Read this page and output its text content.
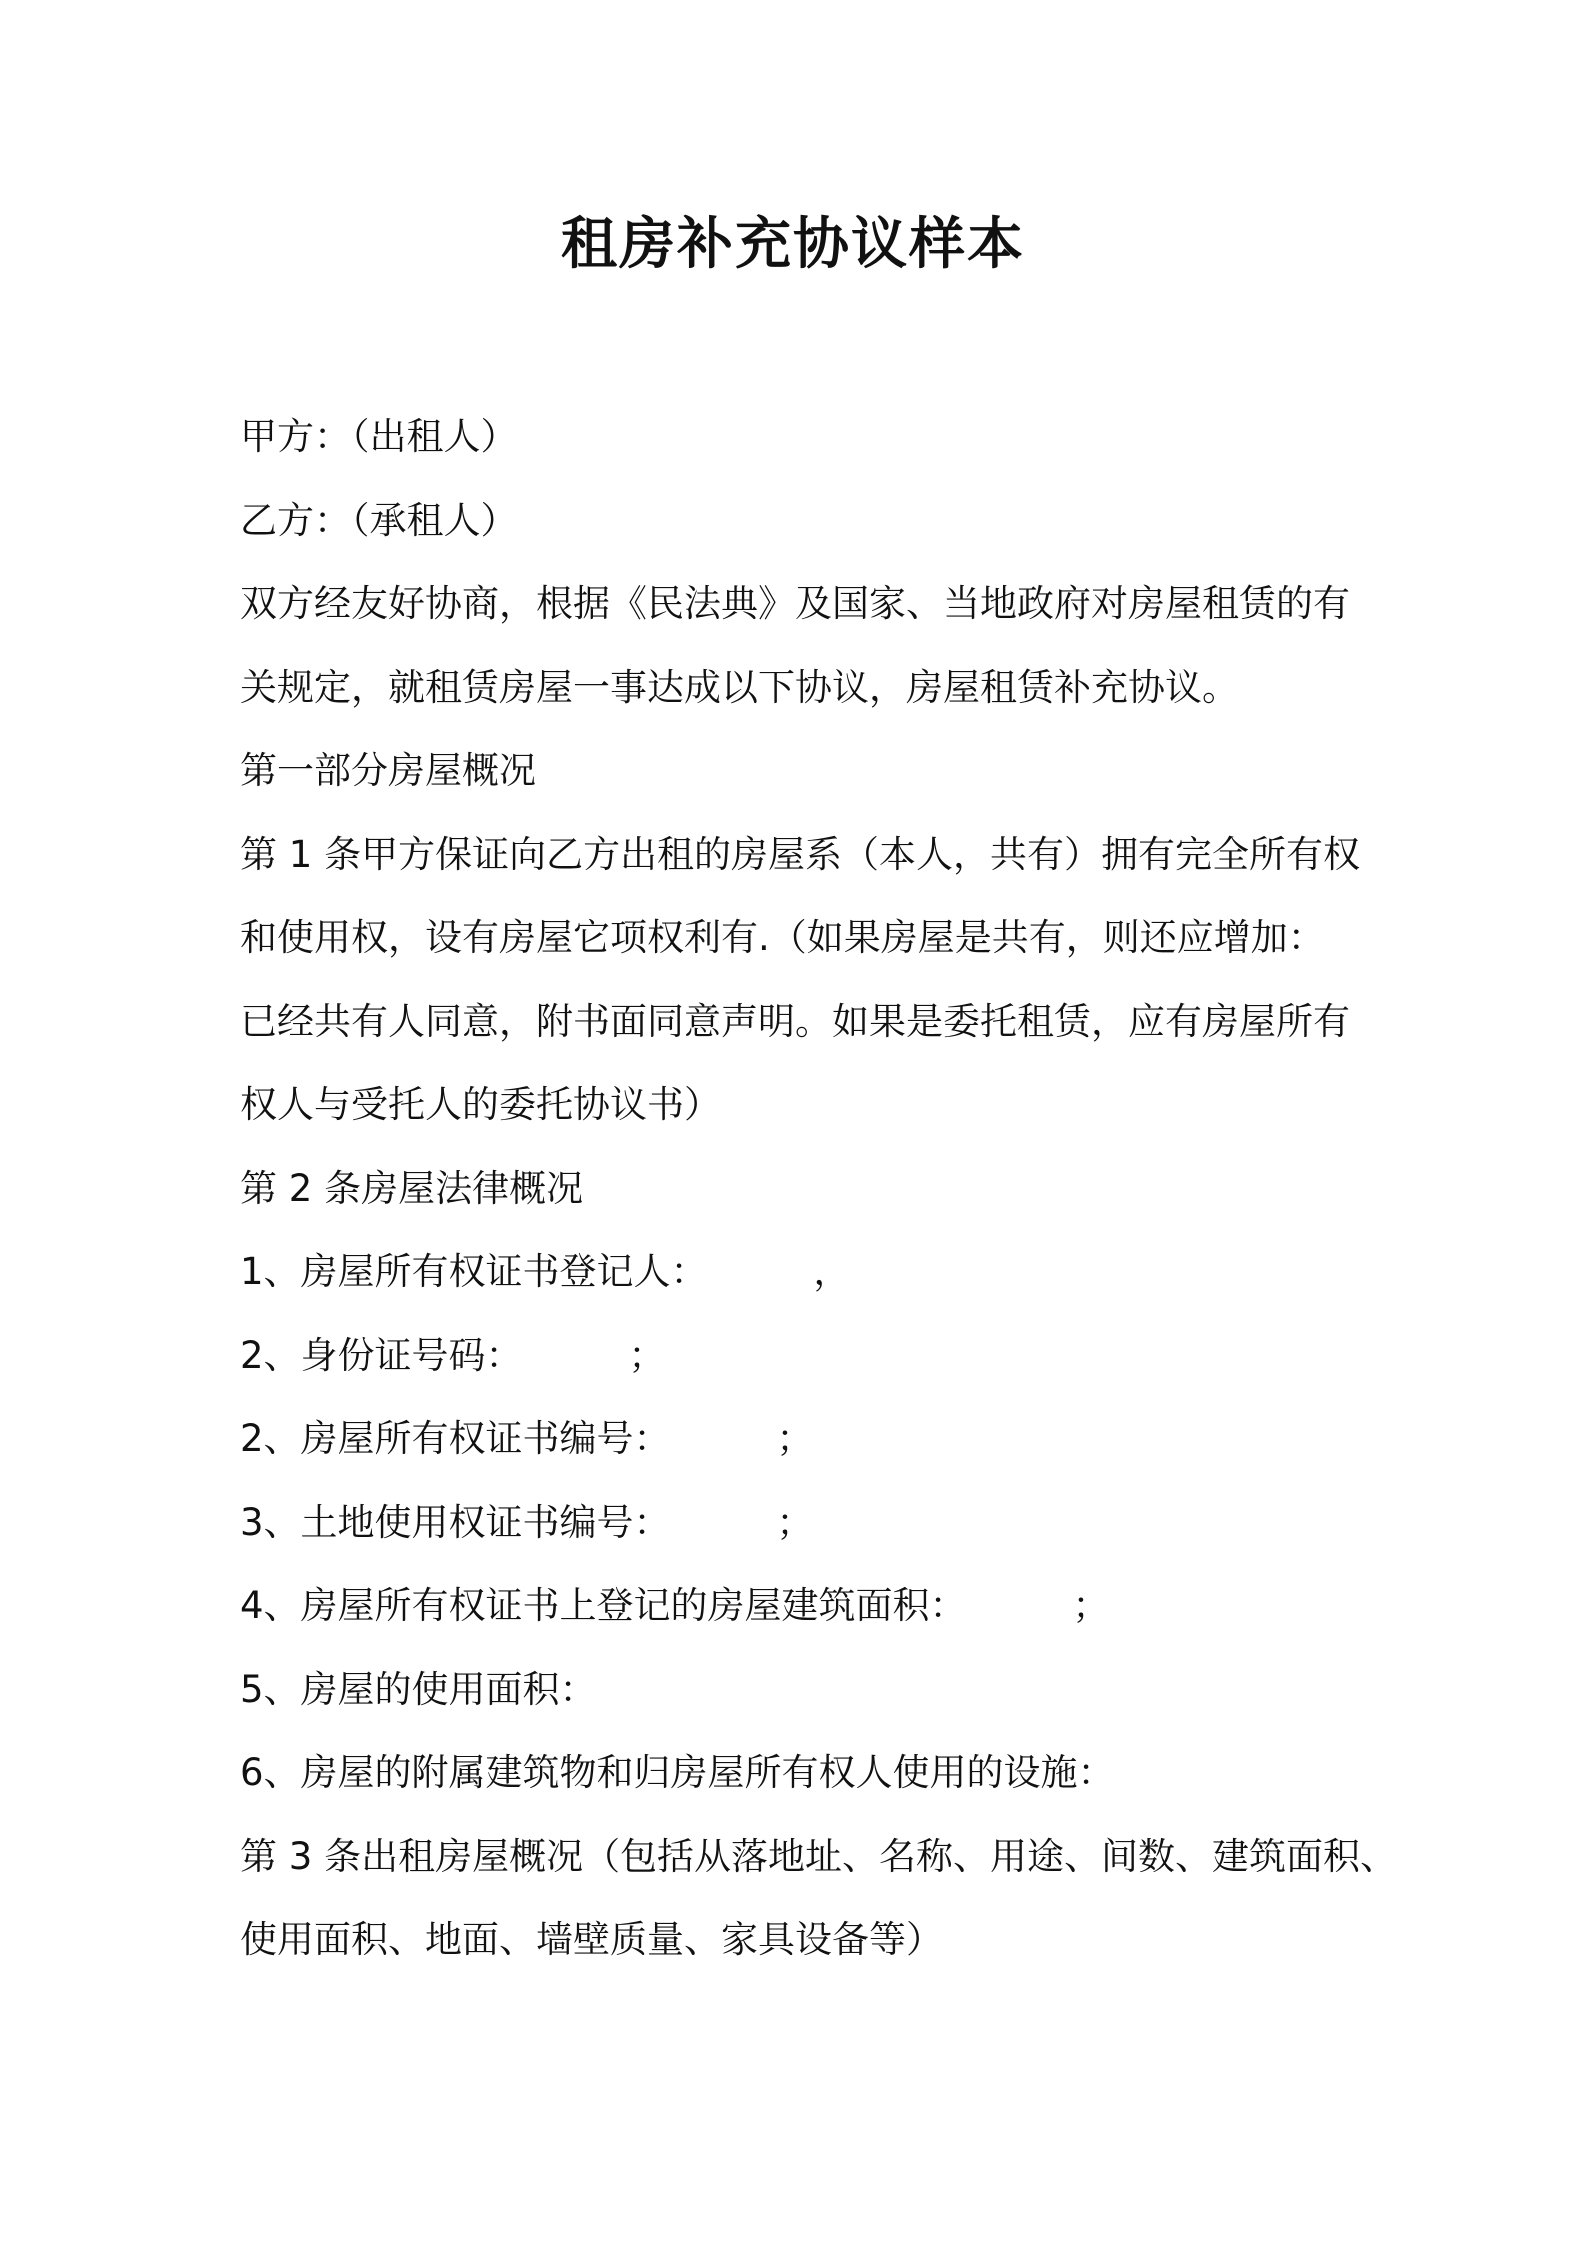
租房补充协议样本

甲方：（出租人）

乙方：（承租人）

双方经友好协商，根据《民法典》及国家、当地政府对房屋租赁的有

关规定，就租赁房屋一事达成以下协议，房屋租赁补充协议。

第一部分房屋概况

第 1 条甲方保证向乙方出租的房屋系（本人，共有）拥有完全所有权

和使用权，设有房屋它项权利有.（如果房屋是共有，则还应增加：

已经共有人同意，附书面同意声明。如果是委托租赁，应有房屋所有

权人与受托人的委托协议书）

第 2 条房屋法律概况

1、房屋所有权证书登记人：         ，

2、身份证号码：         ；

2、房屋所有权证书编号：         ；

3、土地使用权证书编号：         ；

4、房屋所有权证书上登记的房屋建筑面积：         ；

5、房屋的使用面积：

6、房屋的附属建筑物和归房屋所有权人使用的设施：

第 3 条出租房屋概况（包括从落地址、名称、用途、间数、建筑面积、

使用面积、地面、墙壁质量、家具设备等）
